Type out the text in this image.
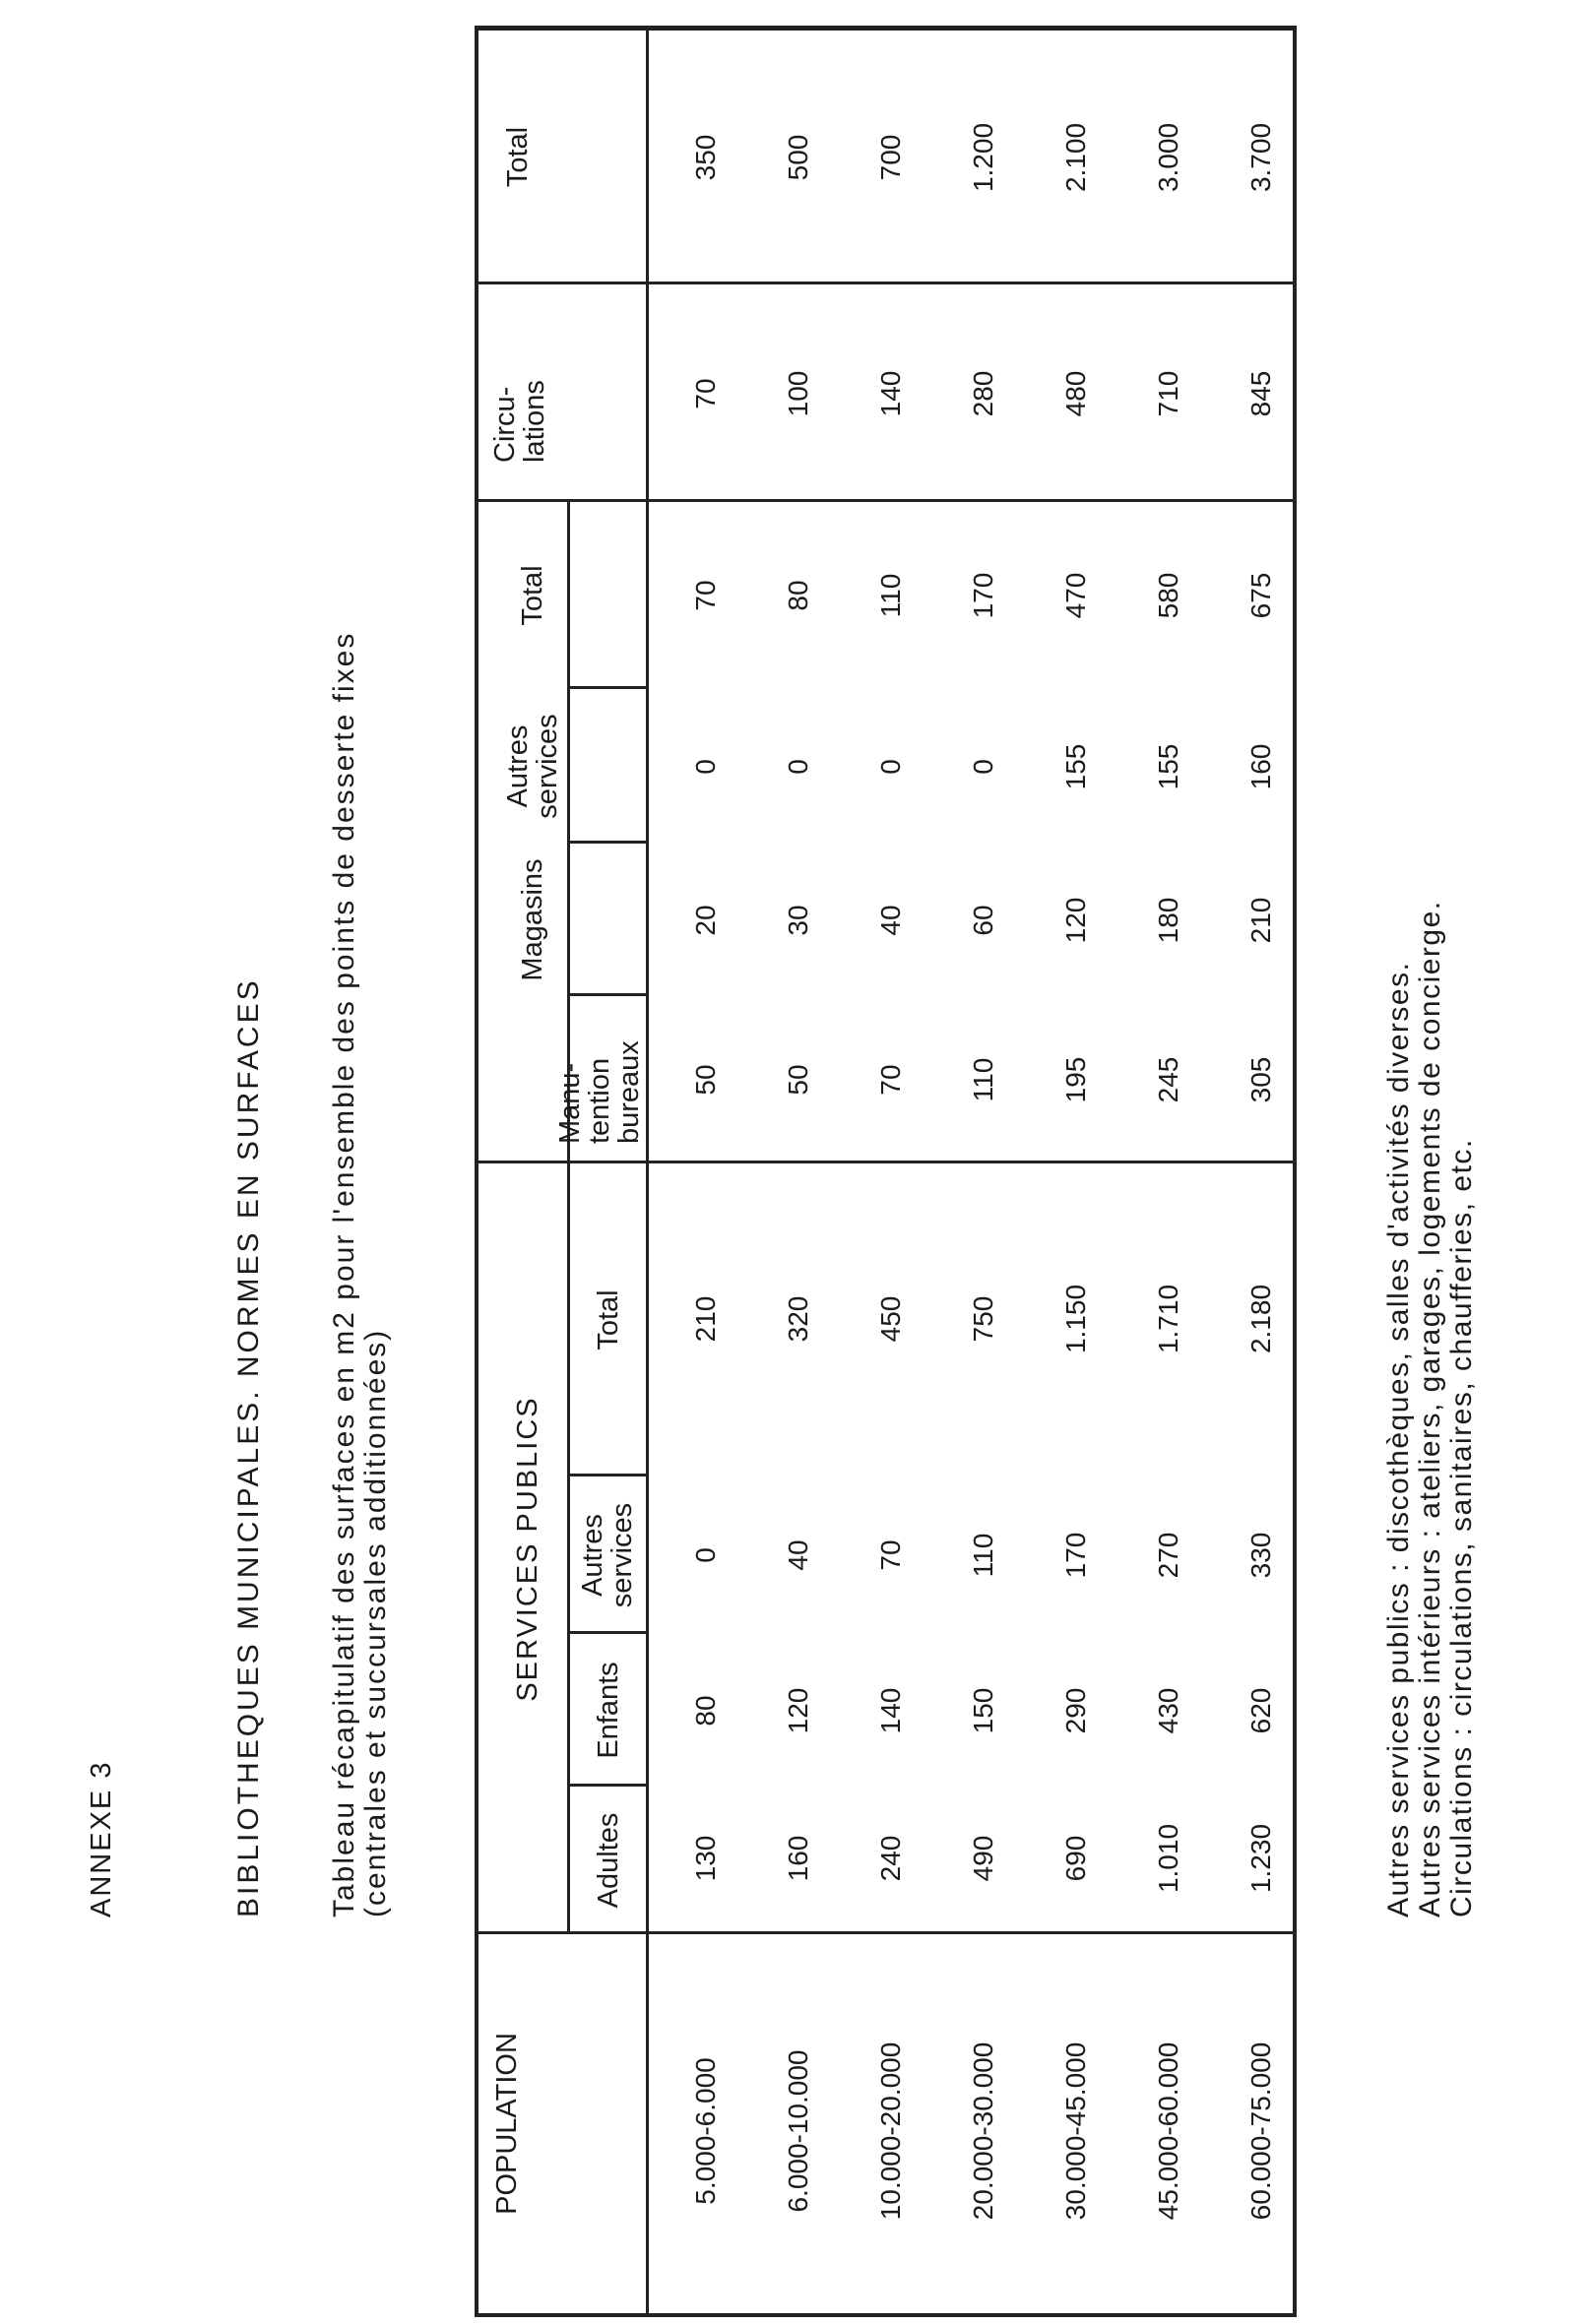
ANNEXE 3	BIBLIOTHEQUES MUNICIPALES. NORMES EN SURFACES Tableau récapitulatif des surfaces en m2 pour l'ensemble des points de desserte fixes (centrales et succursales additionnées)
POPULATION
SERVICES PUBLICS
Adultes
Enfants
Autres
services
Total
Manu-
tention
bureaux
Magasins
Autres
services
Total
Circu-
lations
Total
5.000-6.000
130
80
0
210
50
20
0
70
70
350
6.000-10.000
160
120
40
320
50
30
0
80
100
500
10.000-20.000
240
140
70
450
70
40
0
110
140
700
20.000-30.000
490
150
110
750
110
60
0
170
280
1.200
30.000-45.000
690
290
170
1.150
195
120
155
470
480
2.100
45.000-60.000
1.010
430
270
1.710
245
180
155
580
710
3.000
60.000-75.000
1.230
620
330
2.180
305
210
160
675
845
3.700
Autres services publics : discothèques, salles d'activités diverses. Autres services intérieurs : ateliers, garages, logements de concierge. Circulations : circulations, sanitaires, chaufferies, etc.
